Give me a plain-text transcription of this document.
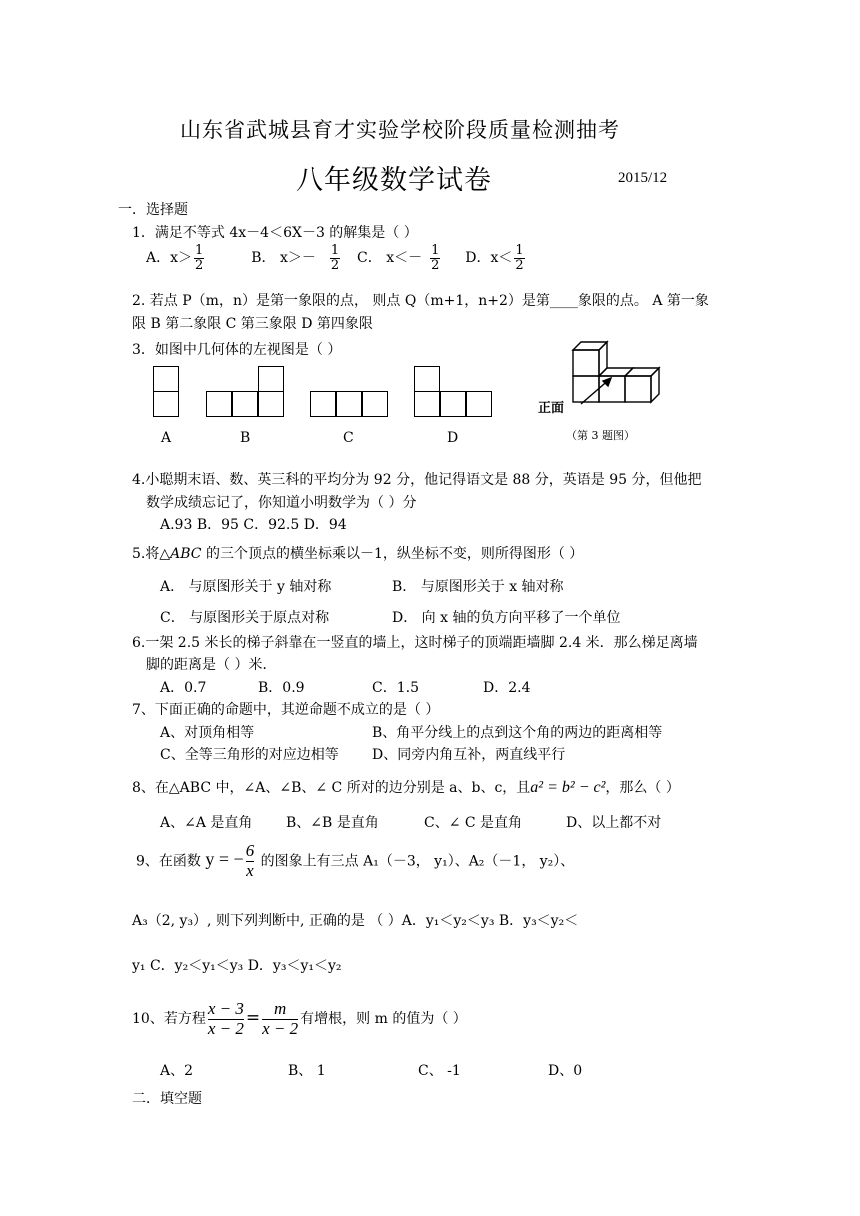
山东省武城县育才实验学校阶段质量检测抽考
八年级数学试卷	2015/12
一．选择题
1．满足不等式 4x－4＜6X－3 的解集是（ ）
A．$x> \frac{1}{2}$	B． $x>- \frac{1}{2}$ C． $x<- \frac{1}{2}$ D．$x< \frac{1}{2}$
2. 若点 P（m，n）是第一象限的点， 则点 Q（m+1，n+2）是第____象限的点。 A 第一象
限 B 第二象限 C 第三象限 D 第四象限
3．如图中几何体的左视图是（ ）
A	B	C	D
正面
（第 3 题图）
4.小聪期末语、数、英三科的平均分为 92 分，他记得语文是 88 分，英语是 95 分，但他把
数学成绩忘记了，你知道小明数学为（ ）分
A.93 B．95 C．92.5 D．94
5.将△ABC 的三个顶点的横坐标乘以－1，纵坐标不变，则所得图形（ ）
A． 与原图形关于 y 轴对称	B． 与原图形关于 x 轴对称
C． 与原图形关于原点对称	D． 向 x 轴的负方向平移了一个单位
6.一架 2.5 米长的梯子斜靠在一竖直的墙上，这时梯子的顶端距墙脚 2.4 米．那么梯足离墙
脚的距离是（ ）米．
A．0.7	B．0.9	C．1.5	D．2.4
7、下面正确的命题中，其逆命题不成立的是（ ）
A、对顶角相等	B、角平分线上的点到这个角的两边的距离相等
C、全等三角形的对应边相等 D、同旁内角互补，两直线平行
8、在△ABC 中，∠A、∠B、∠ C 所对的边分别是 a、b、c，且a² = b² − c²，那么（ ）
A、∠A 是直角 B、∠B 是直角	C、∠ C 是直角	D、以上都不对
9、在函数 y = − $\frac{6}{x}$ 的图象上有三点 A₁（－3， y₁）、A₂（－1， y₂）、
A₃（2, y₃）, 则下列判断中, 正确的是 （ ）A．y₁＜y₂＜y₃ B．y₃＜y₂＜
y₁ C．y₂＜y₁＜y₃ D．y₃＜y₁＜y₂
10、若方程 $\frac{x - 3}{x - 2} = \frac{m}{x - 2}$ 有增根，则 m 的值为（ ）
A、2	B、 1	C、 -1	D、0
二．填空题
